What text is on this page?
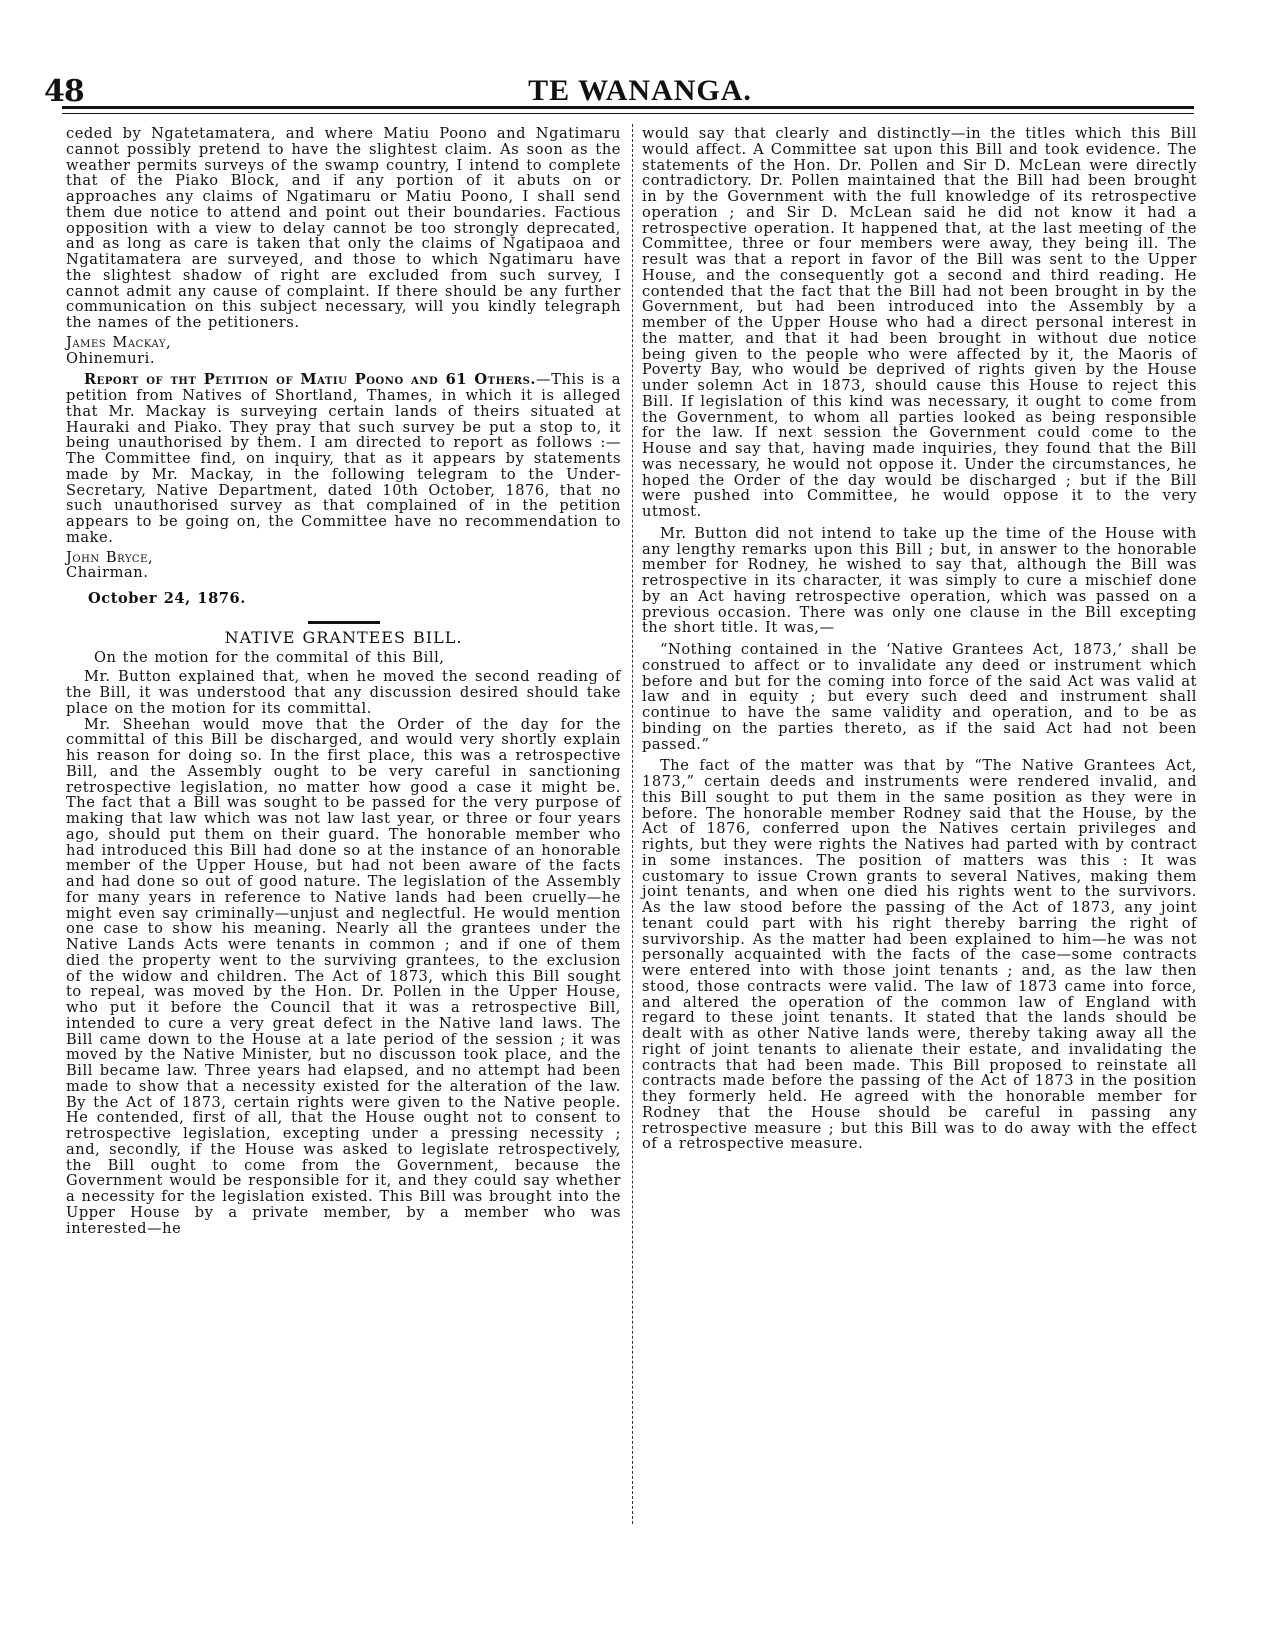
48	TE WANANGA.

ceded by Ngatetamatera, and where Matiu Poono and Ngatimaru cannot possibly pretend to have the slightest claim. As soon as the weather permits surveys of the swamp country, I intend to complete that of the Piako Block, and if any portion of it abuts on or approaches any claims of Ngatimaru or Matiu Poono, I shall send them due notice to attend and point out their boundaries. Factious opposition with a view to delay cannot be too strongly deprecated, and as long as care is taken that only the claims of Ngatipaoa and Ngatitamatera are surveyed, and those to which Ngatimaru have the slightest shadow of right are excluded from such survey, I cannot admit any cause of complaint. If there should be any further communication on this subject necessary, will you kindly telegraph the names of the petitioners.

James Mackay,

Ohinemuri.

Report of tht Petition of Matiu Poono and 61 Others.—This is a petition from Natives of Shortland, Thames, in which it is alleged that Mr. Mackay is surveying certain lands of theirs situated at Hauraki and Piako. They pray that such survey be put a stop to, it being unauthorised by them. I am directed to report as follows :—The Committee find, on inquiry, that as it appears by statements made by Mr. Mackay, in the following telegram to the Under-Secretary, Native Department, dated 10th October, 1876, that no such unauthorised survey as that complained of in the petition appears to be going on, the Committee have no recommendation to make.

John Bryce,

Chairman.

October 24, 1876.

NATIVE GRANTEES BILL.

On the motion for the commital of this Bill,

Mr. Button explained that, when he moved the second reading of the Bill, it was understood that any discussion desired should take place on the motion for its committal.

Mr. Sheehan would move that the Order of the day for the committal of this Bill be discharged, and would very shortly explain his reason for doing so. In the first place, this was a retrospective Bill, and the Assembly ought to be very careful in sanctioning retrospective legislation, no matter how good a case it might be. The fact that a Bill was sought to be passed for the very purpose of making that law which was not law last year, or three or four years ago, should put them on their guard. The honorable member who had introduced this Bill had done so at the instance of an honorable member of the Upper House, but had not been aware of the facts and had done so out of good nature. The legislation of the Assembly for many years in reference to Native lands had been cruelly—he might even say criminally—unjust and neglectful. He would mention one case to show his meaning. Nearly all the grantees under the Native Lands Acts were tenants in common ; and if one of them died the property went to the surviving grantees, to the exclusion of the widow and children. The Act of 1873, which this Bill sought to repeal, was moved by the Hon. Dr. Pollen in the Upper House, who put it before the Council that it was a retrospective Bill, intended to cure a very great defect in the Native land laws. The Bill came down to the House at a late period of the session ; it was moved by the Native Minister, but no discusson took place, and the Bill became law. Three years had elapsed, and no attempt had been made to show that a necessity existed for the alteration of the law. By the Act of 1873, certain rights were given to the Native people. He contended, first of all, that the House ought not to consent to retrospective legislation, excepting under a pressing necessity ; and, secondly, if the House was asked to legislate retrospectively, the Bill ought to come from the Government, because the Government would be responsible for it, and they could say whether a necessity for the legislation existed. This Bill was brought into the Upper House by a private member, by a member who was interested—he

would say that clearly and distinctly—in the titles which this Bill would affect. A Committee sat upon this Bill and took evidence. The statements of the Hon. Dr. Pollen and Sir D. McLean were directly contradictory. Dr. Pollen maintained that the Bill had been brought in by the Government with the full knowledge of its retrospective operation ; and Sir D. McLean said he did not know it had a retrospective operation. It happened that, at the last meeting of the Committee, three or four members were away, they being ill. The result was that a report in favor of the Bill was sent to the Upper House, and the consequently got a second and third reading. He contended that the fact that the Bill had not been brought in by the Government, but had been introduced into the Assembly by a member of the Upper House who had a direct personal interest in the matter, and that it had been brought in without due notice being given to the people who were affected by it, the Maoris of Poverty Bay, who would be deprived of rights given by the House under solemn Act in 1873, should cause this House to reject this Bill. If legislation of this kind was necessary, it ought to come from the Government, to whom all parties looked as being responsible for the law. If next session the Government could come to the House and say that, having made inquiries, they found that the Bill was necessary, he would not oppose it. Under the circumstances, he hoped the Order of the day would be discharged ; but if the Bill were pushed into Committee, he would oppose it to the very utmost.

Mr. Button did not intend to take up the time of the House with any lengthy remarks upon this Bill ; but, in answer to the honorable member for Rodney, he wished to say that, although the Bill was retrospective in its character, it was simply to cure a mischief done by an Act having retrospective operation, which was passed on a previous occasion. There was only one clause in the Bill excepting the short title. It was,—

“Nothing contained in the ‘Native Grantees Act, 1873,’ shall be construed to affect or to invalidate any deed or instrument which before and but for the coming into force of the said Act was valid at law and in equity ; but every such deed and instrument shall continue to have the same validity and operation, and to be as binding on the parties thereto, as if the said Act had not been passed.”

The fact of the matter was that by “The Native Grantees Act, 1873,” certain deeds and instruments were rendered invalid, and this Bill sought to put them in the same position as they were in before. The honorable member Rodney said that the House, by the Act of 1876, conferred upon the Natives certain privileges and rights, but they were rights the Natives had parted with by contract in some instances. The position of matters was this : It was customary to issue Crown grants to several Natives, making them joint tenants, and when one died his rights went to the survivors. As the law stood before the passing of the Act of 1873, any joint tenant could part with his right thereby barring the right of survivorship. As the matter had been explained to him—he was not personally acquainted with the facts of the case—some contracts were entered into with those joint tenants ; and, as the law then stood, those contracts were valid. The law of 1873 came into force, and altered the operation of the common law of England with regard to these joint tenants. It stated that the lands should be dealt with as other Native lands were, thereby taking away all the right of joint tenants to alienate their estate, and invalidating the contracts that had been made. This Bill proposed to reinstate all contracts made before the passing of the Act of 1873 in the position they formerly held. He agreed with the honorable member for Rodney that the House should be careful in passing any retrospective measure ; but this Bill was to do away with the effect of a retrospective measure.
